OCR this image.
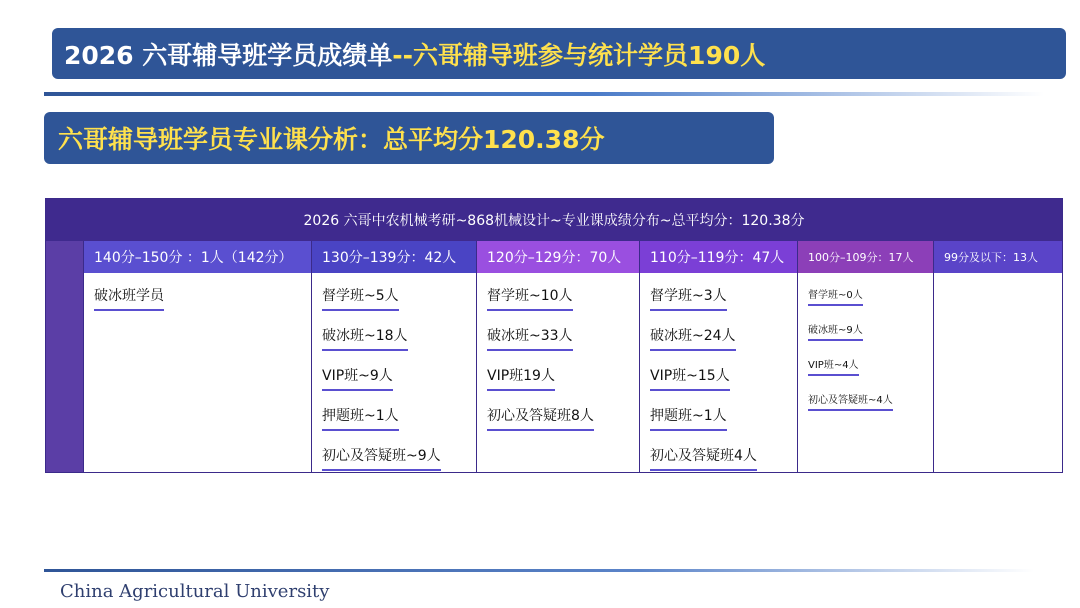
2026 六哥辅导班学员成绩单 --六哥辅导班参与统计学员190人
六哥辅导班学员专业课分析：总平均分120.38分
2026 六哥中农机械考研~868机械设计~专业课成绩分布~总平均分：120.38分
140分–150分 ：1人（142分）
破冰班学员
130分–139分：42人
督学班~5人
破冰班~18人
VIP班~9人
押题班~1人
初心及答疑班~9人
120分–129分：70人
督学班~10人
破冰班~33人
VIP班19人
初心及答疑班8人
110分–119分：47人
督学班~3人
破冰班~24人
VIP班~15人
押题班~1人
初心及答疑班4人
100分–109分：17人
督学班~0人
破冰班~9人
VIP班~4人
初心及答疑班~4人
99分及以下：13人
China Agricultural University
